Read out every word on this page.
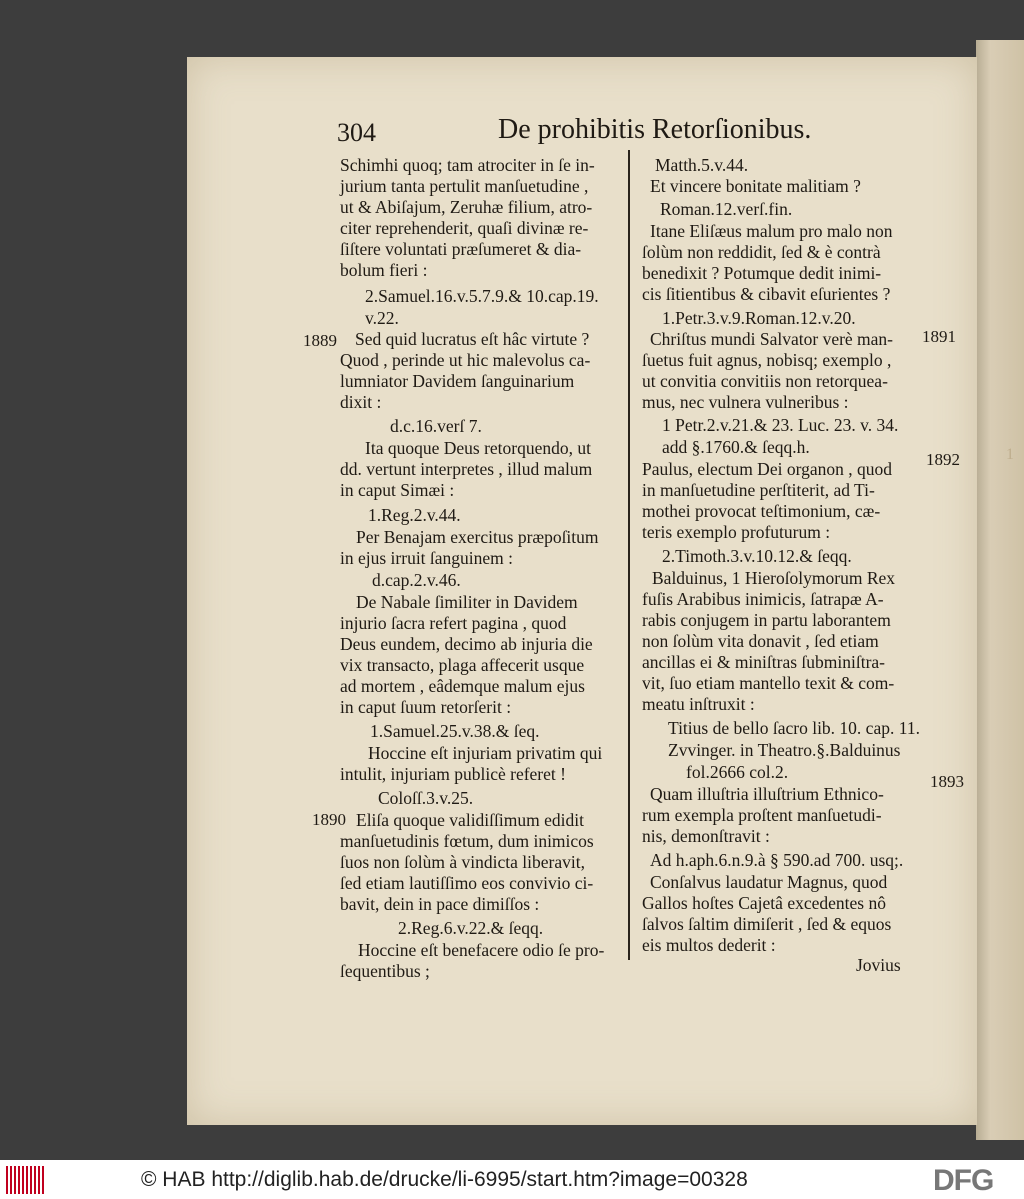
1
304	De prohibitis Retorſionibus.
Schimhi quoq; tam atrociter in ſe in-
jurium tanta pertulit manſuetudine ,
ut & Abiſajum, Zeruhæ filium, atro-
citer reprehenderit, quaſi divinæ re-
ſiſtere voluntati præſumeret & dia-
bolum fieri :
2.Samuel.16.v.5.7.9.& 10.cap.19.
v.22.
Sed quid lucratus eſt hâc virtute ?
Quod , perinde ut hic malevolus ca-
lumniator Davidem ſanguinarium
dixit :
d.c.16.verſ 7.
Ita quoque Deus retorquendo, ut
dd. vertunt interpretes , illud malum
in caput Simæi :
1.Reg.2.v.44.
Per Benajam exercitus præpoſitum
in ejus irruit ſanguinem :
d.cap.2.v.46.
De Nabale ſimiliter in Davidem
injurio ſacra refert pagina , quod
Deus eundem, decimo ab injuria die
vix transacto, plaga affecerit usque
ad mortem , eâdemque malum ejus
in caput ſuum retorſerit :
1.Samuel.25.v.38.& ſeq.
Hoccine eſt injuriam privatim qui
intulit, injuriam publicè referet !
Coloſſ.3.v.25.
Eliſa quoque validiſſimum edidit
manſuetudinis fœtum, dum inimicos
ſuos non ſolùm à vindicta liberavit,
ſed etiam lautiſſimo eos convivio ci-
bavit, dein in pace dimiſſos :
2.Reg.6.v.22.& ſeqq.
Hoccine eſt benefacere odio ſe pro-
ſequentibus ;
Matth.5.v.44.
Et vincere bonitate malitiam ?
Roman.12.verſ.fin.
Itane Eliſæus malum pro malo non
ſolùm non reddidit, ſed & è contrà
benedixit ? Potumque dedit inimi-
cis ſitientibus & cibavit eſurientes ?
1.Petr.3.v.9.Roman.12.v.20.
Chriſtus mundi Salvator verè man-
ſuetus fuit agnus, nobisq; exemplo ,
ut convitia convitiis non retorquea-
mus, nec vulnera vulneribus :
1 Petr.2.v.21.& 23. Luc. 23. v. 34.
add §.1760.& ſeqq.h.
Paulus, electum Dei organon , quod
in manſuetudine perſtiterit, ad Ti-
mothei provocat teſtimonium, cæ-
teris exemplo profuturum :
2.Timoth.3.v.10.12.& ſeqq.
Balduinus, 1 Hieroſolymorum Rex
fuſis Arabibus inimicis, ſatrapæ A-
rabis conjugem in partu laborantem
non ſolùm vita donavit , ſed etiam
ancillas ei & miniſtras ſubminiſtra-
vit, ſuo etiam mantello texit & com-
meatu inſtruxit :
Titius de bello ſacro lib. 10. cap. 11.
Zvvinger. in Theatro.§.Balduinus
fol.2666 col.2.
Quam illuſtria illuſtrium Ethnico-
rum exempla proſtent manſuetudi-
nis, demonſtravit :
Ad h.aph.6.n.9.à § 590.ad 700. usq;.
Conſalvus laudatur Magnus, quod
Gallos hoſtes Cajetâ excedentes nô
ſalvos ſaltim dimiſerit , ſed & equos
eis multos dederit :
Jovius
1889
1890
1891
1892
1893
© HAB http://diglib.hab.de/drucke/li-6995/start.htm?image=00328	DFG
